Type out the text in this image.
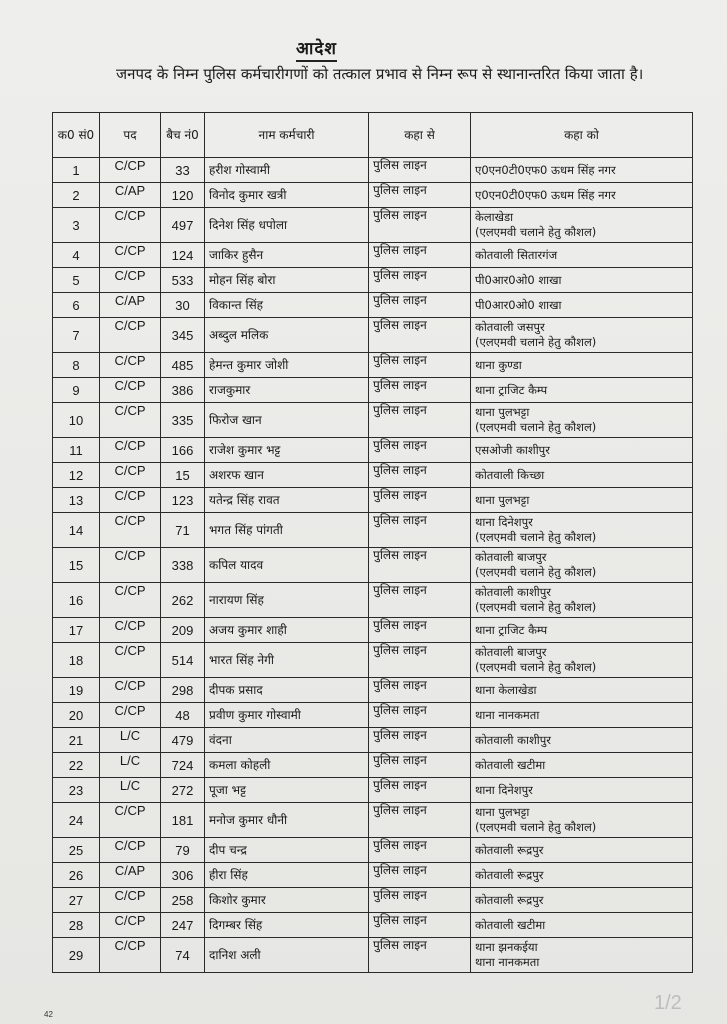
आदेश
जनपद के निम्न पुलिस कर्मचारीगणों को तत्काल प्रभाव से निम्न रूप से स्थानान्तरित किया जाता है।
क0 सं0	पद	बैच नं0	नाम कर्मचारी	कहा से	कहा को
1	C/CP	33	हरीश गोस्वामी	पुलिस लाइन	ए0एन0टी0एफ0 ऊधम सिंह नगर

2	C/AP	120	विनोद कुमार खत्री	पुलिस लाइन	ए0एन0टी0एफ0 ऊधम सिंह नगर

3	C/CP	497	दिनेश सिंह धपोला	पुलिस लाइन	केलाखेडा
(एलएमवी चलाने हेतु कौशल)

4	C/CP	124	जाकिर हुसैन	पुलिस लाइन	कोतवाली सितारगंज

5	C/CP	533	मोहन सिंह बोरा	पुलिस लाइन	पी0आर0ओ0 शाखा

6	C/AP	30	विकान्त सिंह	पुलिस लाइन	पी0आर0ओ0 शाखा

7	C/CP	345	अब्दुल मलिक	पुलिस लाइन	कोतवाली जसपुर
(एलएमवी चलाने हेतु कौशल)

8	C/CP	485	हेमन्त कुमार जोशी	पुलिस लाइन	थाना कुण्डा

9	C/CP	386	राजकुमार	पुलिस लाइन	थाना ट्राजिट कैम्प

10	C/CP	335	फिरोज खान	पुलिस लाइन	थाना पुलभट्टा
(एलएमवी चलाने हेतु कौशल)

11	C/CP	166	राजेश कुमार भट्ट	पुलिस लाइन	एसओजी काशीपुर

12	C/CP	15	अशरफ खान	पुलिस लाइन	कोतवाली किच्छा

13	C/CP	123	यतेन्द्र सिंह रावत	पुलिस लाइन	थाना पुलभट्टा

14	C/CP	71	भगत सिंह पांगती	पुलिस लाइन	थाना दिनेशपुर
(एलएमवी चलाने हेतु कौशल)

15	C/CP	338	कपिल यादव	पुलिस लाइन	कोतवाली बाजपुर
(एलएमवी चलाने हेतु कौशल)

16	C/CP	262	नारायण सिंह	पुलिस लाइन	कोतवाली काशीपुर
(एलएमवी चलाने हेतु कौशल)

17	C/CP	209	अजय कुमार शाही	पुलिस लाइन	थाना ट्राजिट कैम्प

18	C/CP	514	भारत सिंह नेगी	पुलिस लाइन	कोतवाली बाजपुर
(एलएमवी चलाने हेतु कौशल)

19	C/CP	298	दीपक प्रसाद	पुलिस लाइन	थाना केलाखेडा

20	C/CP	48	प्रवीण कुमार गोस्वामी	पुलिस लाइन	थाना नानकमता

21	L/C	479	वंदना	पुलिस लाइन	कोतवाली काशीपुर

22	L/C	724	कमला कोहली	पुलिस लाइन	कोतवाली खटीमा

23	L/C	272	पूजा भट्ट	पुलिस लाइन	थाना दिनेशपुर

24	C/CP	181	मनोज कुमार धौनी	पुलिस लाइन	थाना पुलभट्टा
(एलएमवी चलाने हेतु कौशल)

25	C/CP	79	दीप चन्द्र	पुलिस लाइन	कोतवाली रूद्रपुर

26	C/AP	306	हीरा सिंह	पुलिस लाइन	कोतवाली रूद्रपुर

27	C/CP	258	किशोर कुमार	पुलिस लाइन	कोतवाली रूद्रपुर

28	C/CP	247	दिगम्बर सिंह	पुलिस लाइन	कोतवाली खटीमा

29	C/CP	74	दानिश अली	पुलिस लाइन	थाना झनकईया
थाना नानकमता
1/2
42
